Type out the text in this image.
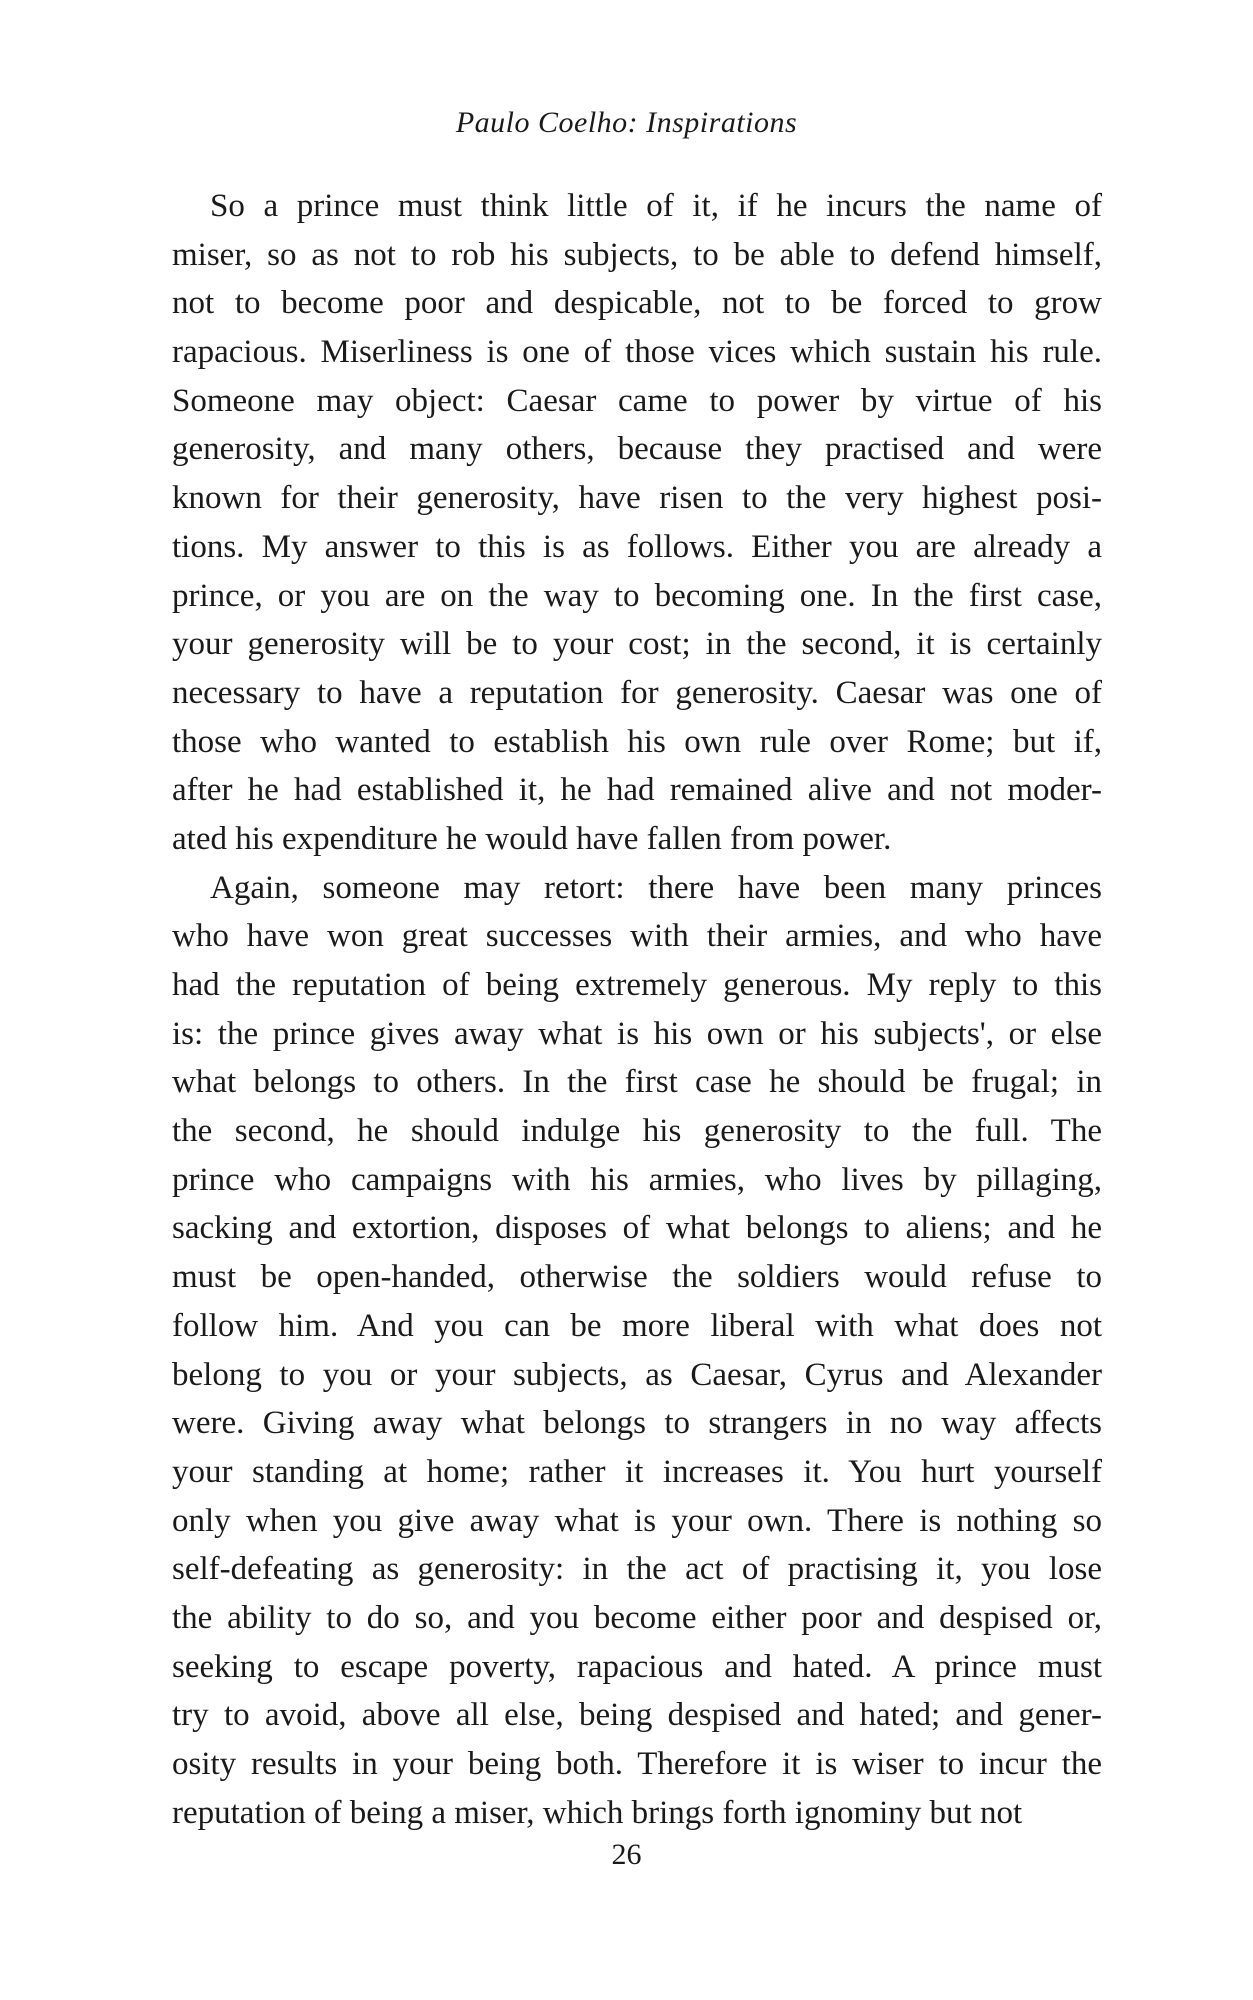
Paulo Coelho: Inspirations
So a prince must think little of it, if he incurs the name of
miser, so as not to rob his subjects, to be able to defend himself,
not to become poor and despicable, not to be forced to grow
rapacious. Miserliness is one of those vices which sustain his rule.
Someone may object: Caesar came to power by virtue of his
generosity, and many others, because they practised and were
known for their generosity, have risen to the very highest posi-
tions. My answer to this is as follows. Either you are already a
prince, or you are on the way to becoming one. In the first case,
your generosity will be to your cost; in the second, it is certainly
necessary to have a reputation for generosity. Caesar was one of
those who wanted to establish his own rule over Rome; but if,
after he had established it, he had remained alive and not moder-
ated his expenditure he would have fallen from power.
Again, someone may retort: there have been many princes
who have won great successes with their armies, and who have
had the reputation of being extremely generous. My reply to this
is: the prince gives away what is his own or his subjects', or else
what belongs to others. In the first case he should be frugal; in
the second, he should indulge his generosity to the full. The
prince who campaigns with his armies, who lives by pillaging,
sacking and extortion, disposes of what belongs to aliens; and he
must be open-handed, otherwise the soldiers would refuse to
follow him. And you can be more liberal with what does not
belong to you or your subjects, as Caesar, Cyrus and Alexander
were. Giving away what belongs to strangers in no way affects
your standing at home; rather it increases it. You hurt yourself
only when you give away what is your own. There is nothing so
self-defeating as generosity: in the act of practising it, you lose
the ability to do so, and you become either poor and despised or,
seeking to escape poverty, rapacious and hated. A prince must
try to avoid, above all else, being despised and hated; and gener-
osity results in your being both. Therefore it is wiser to incur the
reputation of being a miser, which brings forth ignominy but not
26
